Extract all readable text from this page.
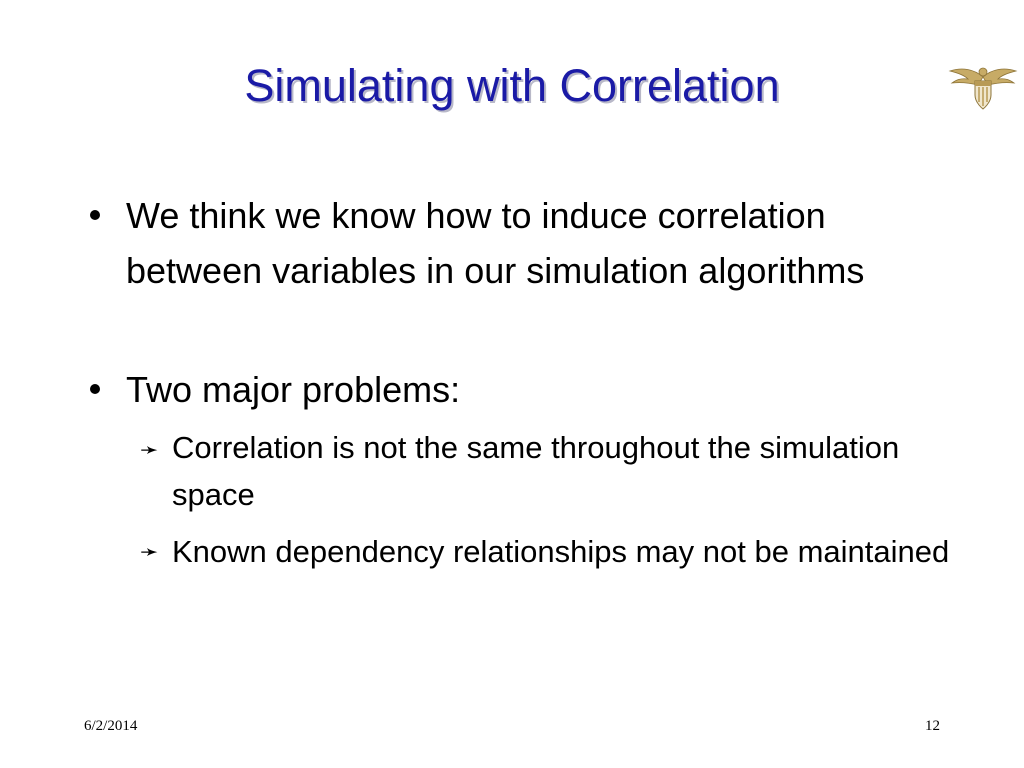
Simulating with Correlation
We think we know how to induce correlation between variables in our simulation algorithms
Two major problems:
➛ Correlation is not the same throughout the simulation space
➛ Known dependency relationships may not be maintained
6/2/2014	12
